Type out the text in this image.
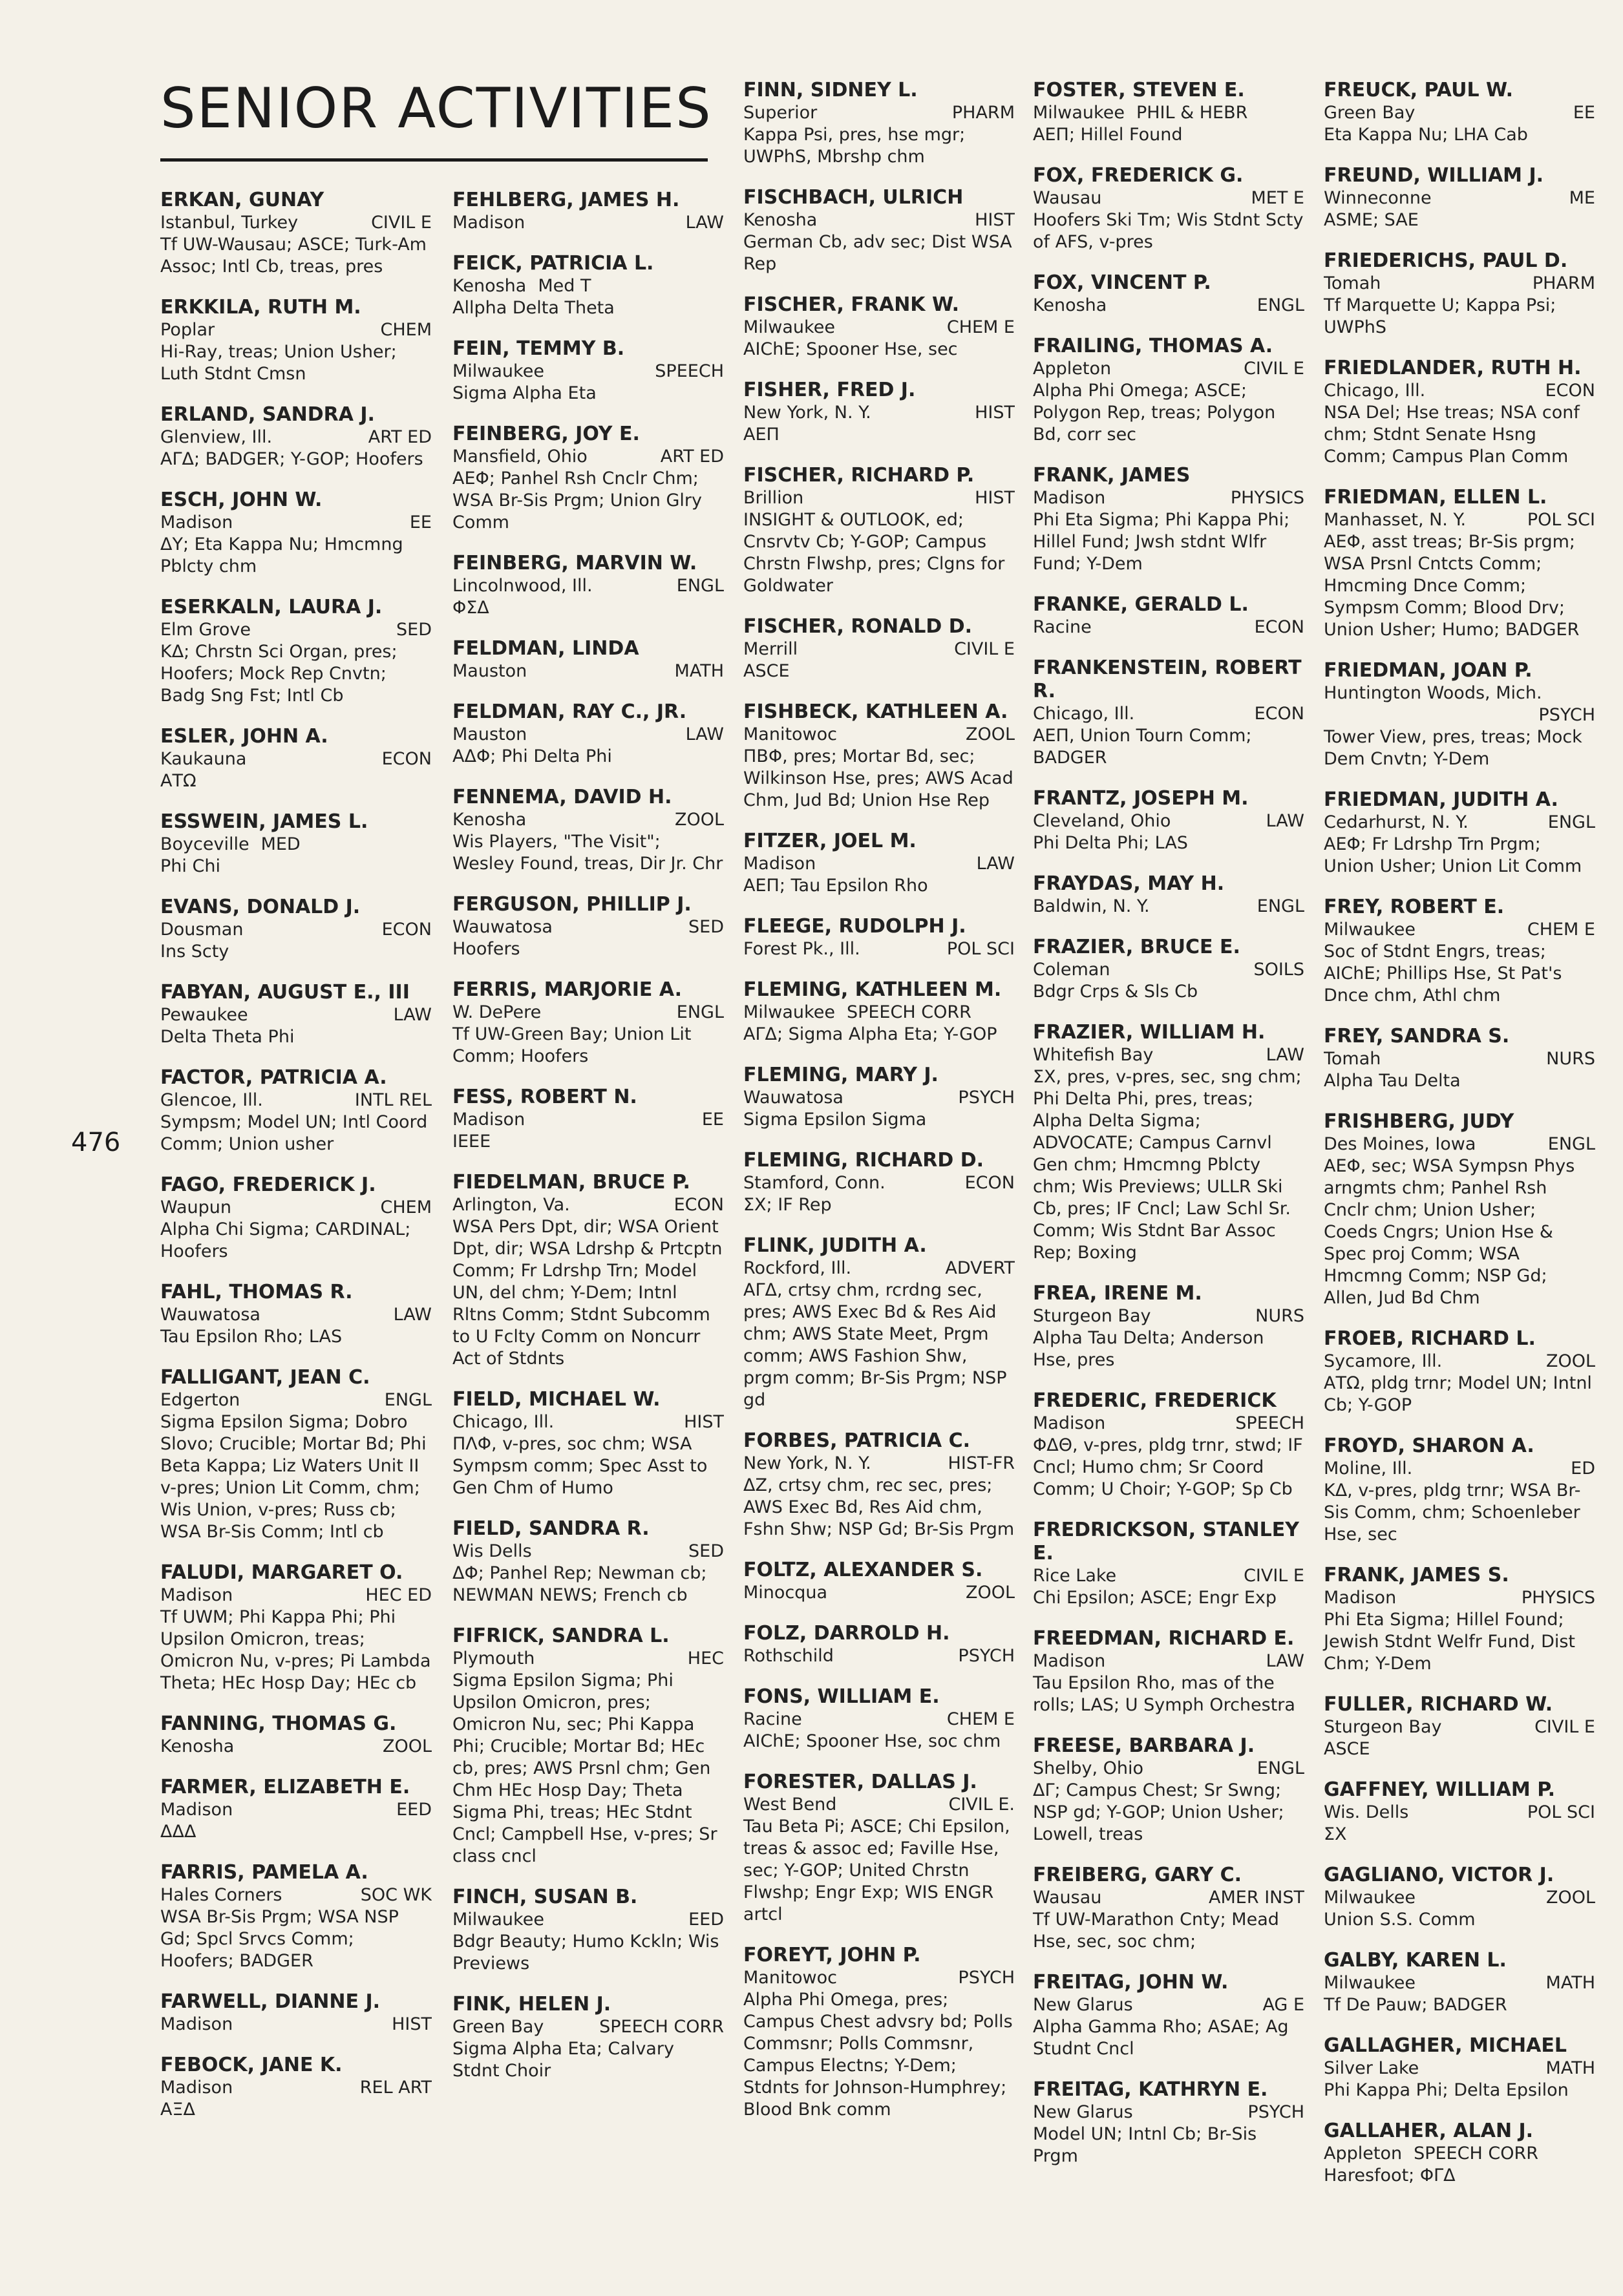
SENIOR ACTIVITIES
476
ERKAN, GUNAY
CIVIL E
Istanbul, Turkey
Tf UW-Wausau; ASCE; Turk-Am Assoc; Intl Cb, treas, pres
ERKKILA, RUTH M.
CHEM
Poplar
Hi-Ray, treas; Union Usher; Luth Stdnt Cmsn
ERLAND, SANDRA J.
ART ED
Glenview, Ill.
ΑΓΔ; BADGER; Y-GOP; Hoofers
ESCH, JOHN W.
EE
Madison
ΔΥ; Eta Kappa Nu; Hmcmng Pblcty chm
ESERKALN, LAURA J.
SED
Elm Grove
ΚΔ; Chrstn Sci Organ, pres; Hoofers; Mock Rep Cnvtn; Badg Sng Fst; Intl Cb
ESLER, JOHN A.
ECON
Kaukauna
ΑΤΩ
ESSWEIN, JAMES L.
Boyceville MED
Phi Chi
EVANS, DONALD J.
ECON
Dousman
Ins Scty
FABYAN, AUGUST E., III
LAW
Pewaukee
Delta Theta Phi
FACTOR, PATRICIA A.
INTL REL
Glencoe, Ill.
Sympsm; Model UN; Intl Coord Comm; Union usher
FAGO, FREDERICK J.
CHEM
Waupun
Alpha Chi Sigma; CARDINAL; Hoofers
FAHL, THOMAS R.
LAW
Wauwatosa
Tau Epsilon Rho; LAS
FALLIGANT, JEAN C.
ENGL
Edgerton
Sigma Epsilon Sigma; Dobro Slovo; Crucible; Mortar Bd; Phi Beta Kappa; Liz Waters Unit II v-pres; Union Lit Comm, chm; Wis Union, v-pres; Russ cb; WSA Br-Sis Comm; Intl cb
FALUDI, MARGARET O.
HEC ED
Madison
Tf UWM; Phi Kappa Phi; Phi Upsilon Omicron, treas; Omicron Nu, v-pres; Pi Lambda Theta; HEc Hosp Day; HEc cb
FANNING, THOMAS G.
ZOOL
Kenosha
FARMER, ELIZABETH E.
EED
Madison
ΔΔΔ
FARRIS, PAMELA A.
SOC WK
Hales Corners
WSA Br-Sis Prgm; WSA NSP Gd; Spcl Srvcs Comm; Hoofers; BADGER
FARWELL, DIANNE J.
HIST
Madison
FEBOCK, JANE K.
REL ART
Madison
ΑΞΔ
FEHLBERG, JAMES H.
LAW
Madison
FEICK, PATRICIA L.
Kenosha Med T
Allpha Delta Theta
FEIN, TEMMY B.
SPEECH
Milwaukee
Sigma Alpha Eta
FEINBERG, JOY E.
ART ED
Mansfield, Ohio
ΑΕΦ; Panhel Rsh Cnclr Chm; WSA Br-Sis Prgm; Union Glry Comm
FEINBERG, MARVIN W.
ENGL
Lincolnwood, Ill.
ΦΣΔ
FELDMAN, LINDA
MATH
Mauston
FELDMAN, RAY C., JR.
LAW
Mauston
ΑΔΦ; Phi Delta Phi
FENNEMA, DAVID H.
ZOOL
Kenosha
Wis Players, "The Visit"; Wesley Found, treas, Dir Jr. Chr
FERGUSON, PHILLIP J.
SED
Wauwatosa
Hoofers
FERRIS, MARJORIE A.
ENGL
W. DePere
Tf UW-Green Bay; Union Lit Comm; Hoofers
FESS, ROBERT N.
EE
Madison
IEEE
FIEDELMAN, BRUCE P.
ECON
Arlington, Va.
WSA Pers Dpt, dir; WSA Orient Dpt, dir; WSA Ldrshp & Prtcptn Comm; Fr Ldrshp Trn; Model UN, del chm; Y-Dem; Intnl Rltns Comm; Stdnt Subcomm to U Fclty Comm on Noncurr Act of Stdnts
FIELD, MICHAEL W.
HIST
Chicago, Ill.
ΠΛΦ, v-pres, soc chm; WSA Sympsm comm; Spec Asst to Gen Chm of Humo
FIELD, SANDRA R.
SED
Wis Dells
ΔΦ; Panhel Rep; Newman cb; NEWMAN NEWS; French cb
FIFRICK, SANDRA L.
HEC
Plymouth
Sigma Epsilon Sigma; Phi Upsilon Omicron, pres; Omicron Nu, sec; Phi Kappa Phi; Crucible; Mortar Bd; HEc cb, pres; AWS Prsnl chm; Gen Chm HEc Hosp Day; Theta Sigma Phi, treas; HEc Stdnt Cncl; Campbell Hse, v-pres; Sr class cncl
FINCH, SUSAN B.
EED
Milwaukee
Bdgr Beauty; Humo Kckln; Wis Previews
FINK, HELEN J.
SPEECH CORR
Green Bay
Sigma Alpha Eta; Calvary Stdnt Choir
FINN, SIDNEY L.
PHARM
Superior
Kappa Psi, pres, hse mgr; UWPhS, Mbrshp chm
FISCHBACH, ULRICH
HIST
Kenosha
German Cb, adv sec; Dist WSA Rep
FISCHER, FRANK W.
CHEM E
Milwaukee
AIChE; Spooner Hse, sec
FISHER, FRED J.
HIST
New York, N. Y.
ΑΕΠ
FISCHER, RICHARD P.
HIST
Brillion
INSIGHT & OUTLOOK, ed; Cnsrvtv Cb; Y-GOP; Campus Chrstn Flwshp, pres; Clgns for Goldwater
FISCHER, RONALD D.
CIVIL E
Merrill
ASCE
FISHBECK, KATHLEEN A.
ZOOL
Manitowoc
ΠΒΦ, pres; Mortar Bd, sec; Wilkinson Hse, pres; AWS Acad Chm, Jud Bd; Union Hse Rep
FITZER, JOEL M.
LAW
Madison
ΑΕΠ; Tau Epsilon Rho
FLEEGE, RUDOLPH J.
POL SCI
Forest Pk., Ill.
FLEMING, KATHLEEN M.
Milwaukee SPEECH CORR
ΑΓΔ; Sigma Alpha Eta; Y-GOP
FLEMING, MARY J.
PSYCH
Wauwatosa
Sigma Epsilon Sigma
FLEMING, RICHARD D.
ECON
Stamford, Conn.
ΣΧ; IF Rep
FLINK, JUDITH A.
ADVERT
Rockford, Ill.
ΑΓΔ, crtsy chm, rcrdng sec, pres; AWS Exec Bd & Res Aid chm; AWS State Meet, Prgm comm; AWS Fashion Shw, prgm comm; Br-Sis Prgm; NSP gd
FORBES, PATRICIA C.
HIST-FR
New York, N. Y.
ΔΖ, crtsy chm, rec sec, pres; AWS Exec Bd, Res Aid chm, Fshn Shw; NSP Gd; Br-Sis Prgm
FOLTZ, ALEXANDER S.
ZOOL
Minocqua
FOLZ, DARROLD H.
PSYCH
Rothschild
FONS, WILLIAM E.
CHEM E
Racine
AIChE; Spooner Hse, soc chm
FORESTER, DALLAS J.
CIVIL E.
West Bend
Tau Beta Pi; ASCE; Chi Epsilon, treas & assoc ed; Faville Hse, sec; Y-GOP; United Chrstn Flwshp; Engr Exp; WIS ENGR artcl
FOREYT, JOHN P.
PSYCH
Manitowoc
Alpha Phi Omega, pres; Campus Chest advsry bd; Polls Commsnr; Polls Commsnr, Campus Electns; Y-Dem; Stdnts for Johnson-Humphrey; Blood Bnk comm
FOSTER, STEVEN E.
Milwaukee PHIL & HEBR
ΑΕΠ; Hillel Found
FOX, FREDERICK G.
MET E
Wausau
Hoofers Ski Tm; Wis Stdnt Scty of AFS, v-pres
FOX, VINCENT P.
ENGL
Kenosha
FRAILING, THOMAS A.
CIVIL E
Appleton
Alpha Phi Omega; ASCE; Polygon Rep, treas; Polygon Bd, corr sec
FRANK, JAMES
PHYSICS
Madison
Phi Eta Sigma; Phi Kappa Phi; Hillel Fund; Jwsh stdnt Wlfr Fund; Y-Dem
FRANKE, GERALD L.
ECON
Racine
FRANKENSTEIN, ROBERT R.
ECON
Chicago, Ill.
ΑΕΠ, Union Tourn Comm; BADGER
FRANTZ, JOSEPH M.
LAW
Cleveland, Ohio
Phi Delta Phi; LAS
FRAYDAS, MAY H.
ENGL
Baldwin, N. Y.
FRAZIER, BRUCE E.
SOILS
Coleman
Bdgr Crps & Sls Cb
FRAZIER, WILLIAM H.
LAW
Whitefish Bay
ΣΧ, pres, v-pres, sec, sng chm; Phi Delta Phi, pres, treas; Alpha Delta Sigma; ADVOCATE; Campus Carnvl Gen chm; Hmcmng Pblcty chm; Wis Previews; ULLR Ski Cb, pres; IF Cncl; Law Schl Sr. Comm; Wis Stdnt Bar Assoc Rep; Boxing
FREA, IRENE M.
NURS
Sturgeon Bay
Alpha Tau Delta; Anderson Hse, pres
FREDERIC, FREDERICK
SPEECH
Madison
ΦΔΘ, v-pres, pldg trnr, stwd; IF Cncl; Humo chm; Sr Coord Comm; U Choir; Y-GOP; Sp Cb
FREDRICKSON, STANLEY E.
CIVIL E
Rice Lake
Chi Epsilon; ASCE; Engr Exp
FREEDMAN, RICHARD E.
LAW
Madison
Tau Epsilon Rho, mas of the rolls; LAS; U Symph Orchestra
FREESE, BARBARA J.
ENGL
Shelby, Ohio
ΔΓ; Campus Chest; Sr Swng; NSP gd; Y-GOP; Union Usher; Lowell, treas
FREIBERG, GARY C.
AMER INST
Wausau
Tf UW-Marathon Cnty; Mead Hse, sec, soc chm;
FREITAG, JOHN W.
AG E
New Glarus
Alpha Gamma Rho; ASAE; Ag Studnt Cncl
FREITAG, KATHRYN E.
PSYCH
New Glarus
Model UN; Intnl Cb; Br-Sis Prgm
FREUCK, PAUL W.
EE
Green Bay
Eta Kappa Nu; LHA Cab
FREUND, WILLIAM J.
ME
Winneconne
ASME; SAE
FRIEDERICHS, PAUL D.
PHARM
Tomah
Tf Marquette U; Kappa Psi; UWPhS
FRIEDLANDER, RUTH H.
ECON
Chicago, Ill.
NSA Del; Hse treas; NSA conf chm; Stdnt Senate Hsng Comm; Campus Plan Comm
FRIEDMAN, ELLEN L.
POL SCI
Manhasset, N. Y.
ΑΕΦ, asst treas; Br-Sis prgm; WSA Prsnl Cntcts Comm; Hmcming Dnce Comm; Sympsm Comm; Blood Drv; Union Usher; Humo; BADGER
FRIEDMAN, JOAN P.
Huntington Woods, Mich.
PSYCH
Tower View, pres, treas; Mock Dem Cnvtn; Y-Dem
FRIEDMAN, JUDITH A.
ENGL
Cedarhurst, N. Y.
ΑΕΦ; Fr Ldrshp Trn Prgm; Union Usher; Union Lit Comm
FREY, ROBERT E.
CHEM E
Milwaukee
Soc of Stdnt Engrs, treas; AIChE; Phillips Hse, St Pat's Dnce chm, Athl chm
FREY, SANDRA S.
NURS
Tomah
Alpha Tau Delta
FRISHBERG, JUDY
ENGL
Des Moines, Iowa
ΑΕΦ, sec; WSA Sympsn Phys arngmts chm; Panhel Rsh Cnclr chm; Union Usher; Coeds Cngrs; Union Hse & Spec proj Comm; WSA Hmcmng Comm; NSP Gd; Allen, Jud Bd Chm
FROEB, RICHARD L.
ZOOL
Sycamore, Ill.
ΑΤΩ, pldg trnr; Model UN; Intnl Cb; Y-GOP
FROYD, SHARON A.
ED
Moline, Ill.
ΚΔ, v-pres, pldg trnr; WSA Br-Sis Comm, chm; Schoenleber Hse, sec
FRANK, JAMES S.
PHYSICS
Madison
Phi Eta Sigma; Hillel Found; Jewish Stdnt Welfr Fund, Dist Chm; Y-Dem
FULLER, RICHARD W.
CIVIL E
Sturgeon Bay
ASCE
GAFFNEY, WILLIAM P.
POL SCI
Wis. Dells
ΣΧ
GAGLIANO, VICTOR J.
ZOOL
Milwaukee
Union S.S. Comm
GALBY, KAREN L.
MATH
Milwaukee
Tf De Pauw; BADGER
GALLAGHER, MICHAEL
MATH
Silver Lake
Phi Kappa Phi; Delta Epsilon
GALLAHER, ALAN J.
Appleton SPEECH CORR
Haresfoot; ΦΓΔ
